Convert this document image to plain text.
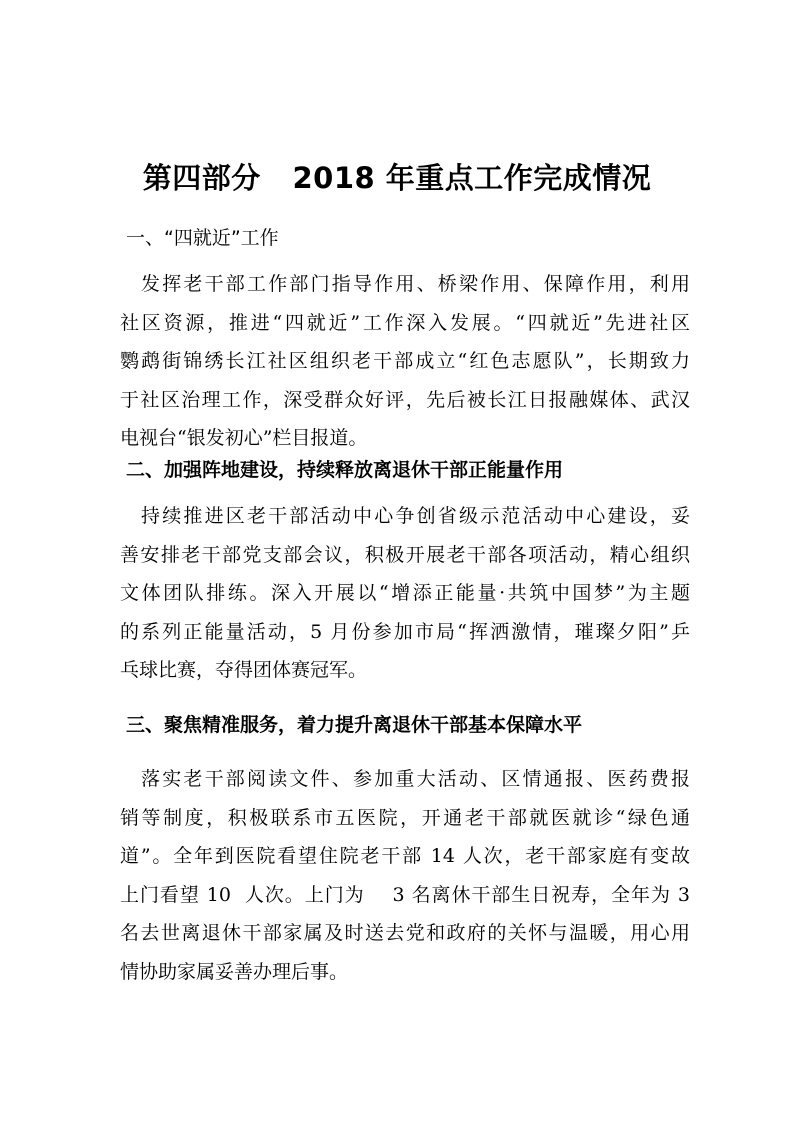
第四部分   2018 年重点工作完成情况
一、“四就近”工作
发挥老干部工作部门指导作用、桥梁作用、保障作用，利用
社区资源，推进“四就近”工作深入发展。“四就近”先进社区
鹦鹉街锦绣长江社区组织老干部成立“红色志愿队”，长期致力
于社区治理工作，深受群众好评，先后被长江日报融媒体、武汉
电视台“银发初心”栏目报道。
二、加强阵地建设，持续释放离退休干部正能量作用
持续推进区老干部活动中心争创省级示范活动中心建设，妥
善安排老干部党支部会议，积极开展老干部各项活动，精心组织
文体团队排练。深入开展以“增添正能量·共筑中国梦”为主题
的系列正能量活动，5 月份参加市局“挥洒激情，璀璨夕阳”乒
乓球比赛，夺得团体赛冠军。
三、聚焦精准服务，着力提升离退休干部基本保障水平
落实老干部阅读文件、参加重大活动、区情通报、医药费报
销等制度，积极联系市五医院，开通老干部就医就诊“绿色通
道”。全年到医院看望住院老干部 14 人次，老干部家庭有变故
上门看望 10  人次。上门为    3 名离休干部生日祝寿，全年为 3
名去世离退休干部家属及时送去党和政府的关怀与温暖，用心用
情协助家属妥善办理后事。
